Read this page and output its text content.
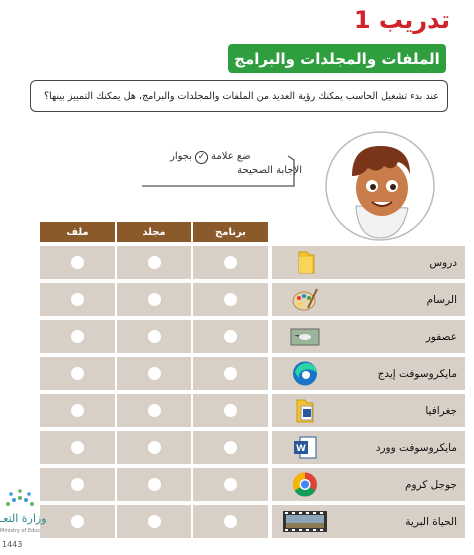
تدريب 1
الملفات والمجلدات والبرامج
عند بدء تشغيل الحاسب يمكنك رؤية العديد من الملفات والمجلدات والبرامج، هل يمكنك التمييز بينها؟
ضع علامة
✓
بجوار
الإجابة الصحيحة
برنامج
مجلد
ملف
دروس
الرسام
عصفور
مايكروسوفت إيدج
جغرافيا
W	مايكروسوفت وورد
جوجل كروم
الحياة البرية
وزارة التعـ
Ministry of Educ
1443
